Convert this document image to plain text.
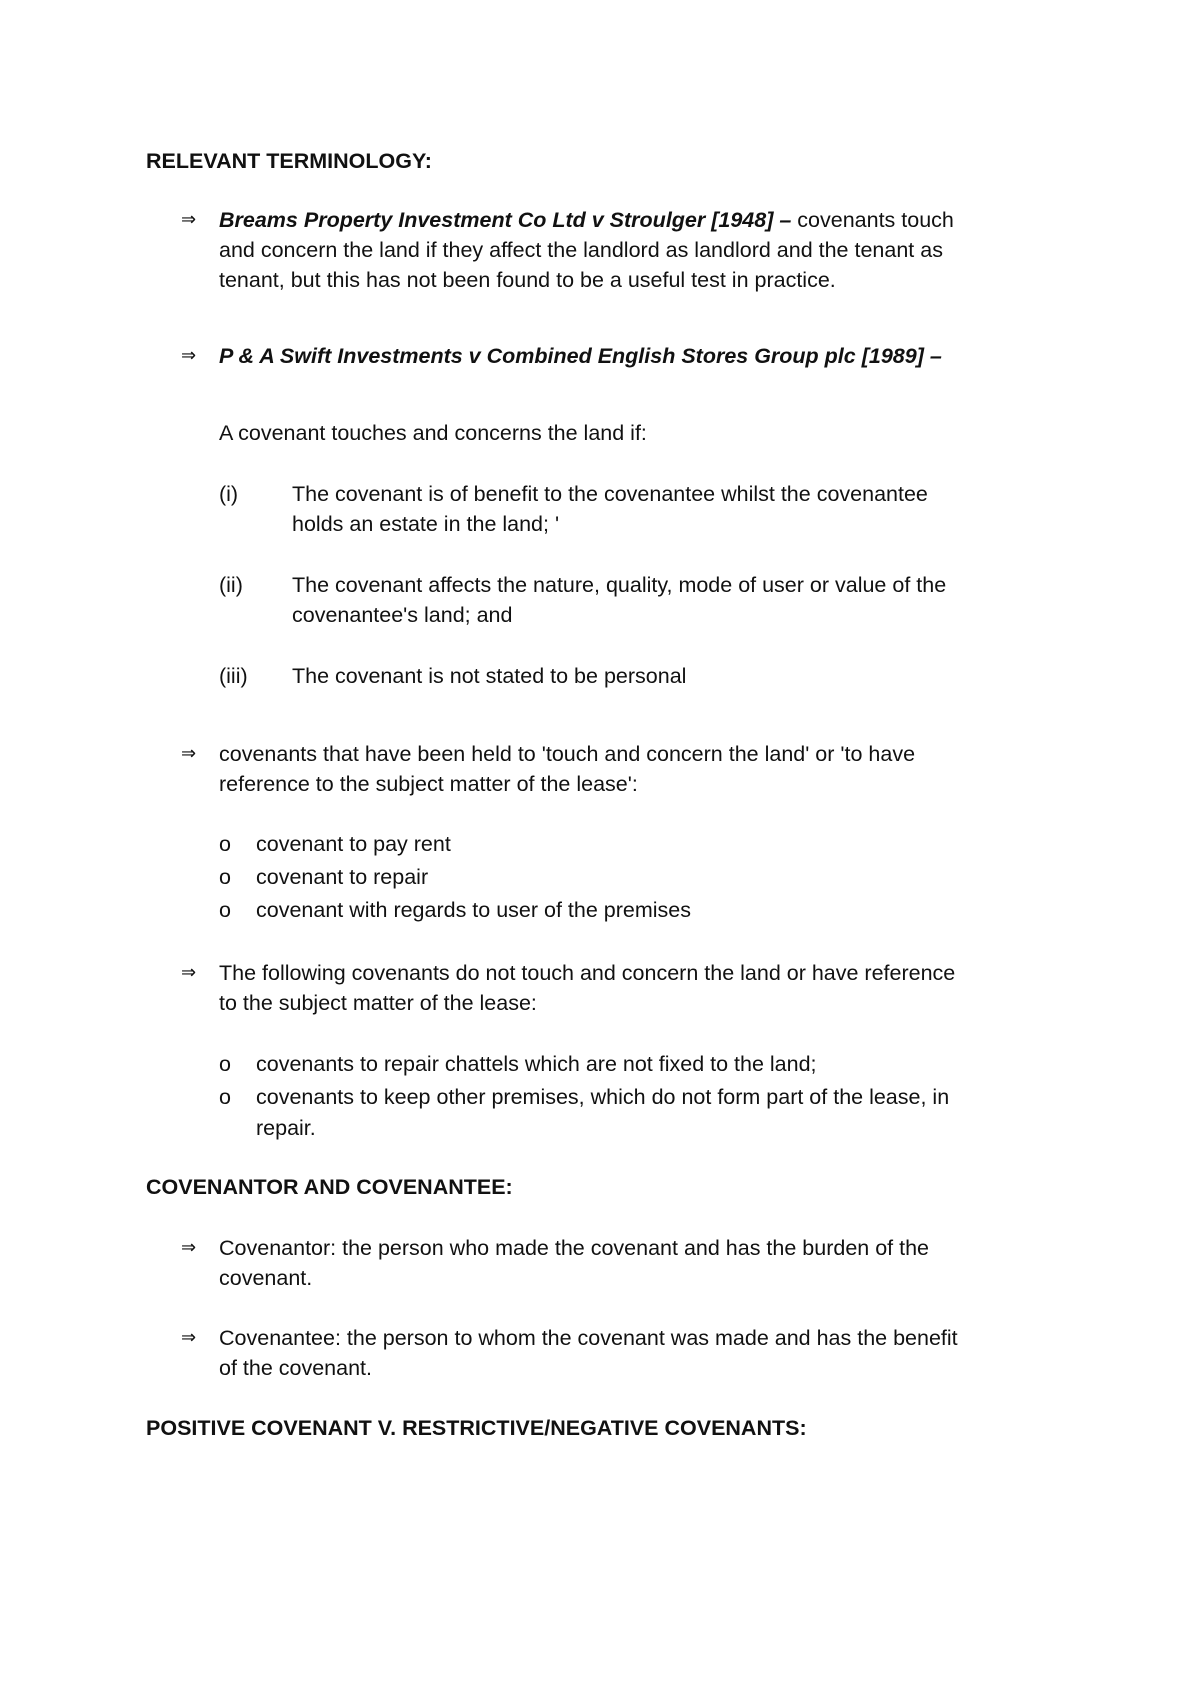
RELEVANT TERMINOLOGY:

⇒ Breams Property Investment Co Ltd v Stroulger [1948] – covenants touch

and concern the land if they affect the landlord as landlord and the tenant as

tenant, but this has not been found to be a useful test in practice.

⇒ P & A Swift Investments v Combined English Stores Group plc [1989] –

A covenant touches and concerns the land if:

(i)	The covenant is of benefit to the covenantee whilst the covenantee

holds an estate in the land; '

(ii) The covenant affects the nature, quality, mode of user or value of the

covenantee's land; and

(iii) The covenant is not stated to be personal

⇒ covenants that have been held to 'touch and concern the land' or 'to have

reference to the subject matter of the lease':

o covenant to pay rent

o covenant to repair

o covenant with regards to user of the premises

⇒ The following covenants do not touch and concern the land or have reference

to the subject matter of the lease:

o covenants to repair chattels which are not fixed to the land;

o covenants to keep other premises, which do not form part of the lease, in

repair.

COVENANTOR AND COVENANTEE:

⇒ Covenantor: the person who made the covenant and has the burden of the

covenant.

⇒ Covenantee: the person to whom the covenant was made and has the benefit

of the covenant.

POSITIVE COVENANT V. RESTRICTIVE/NEGATIVE COVENANTS:
